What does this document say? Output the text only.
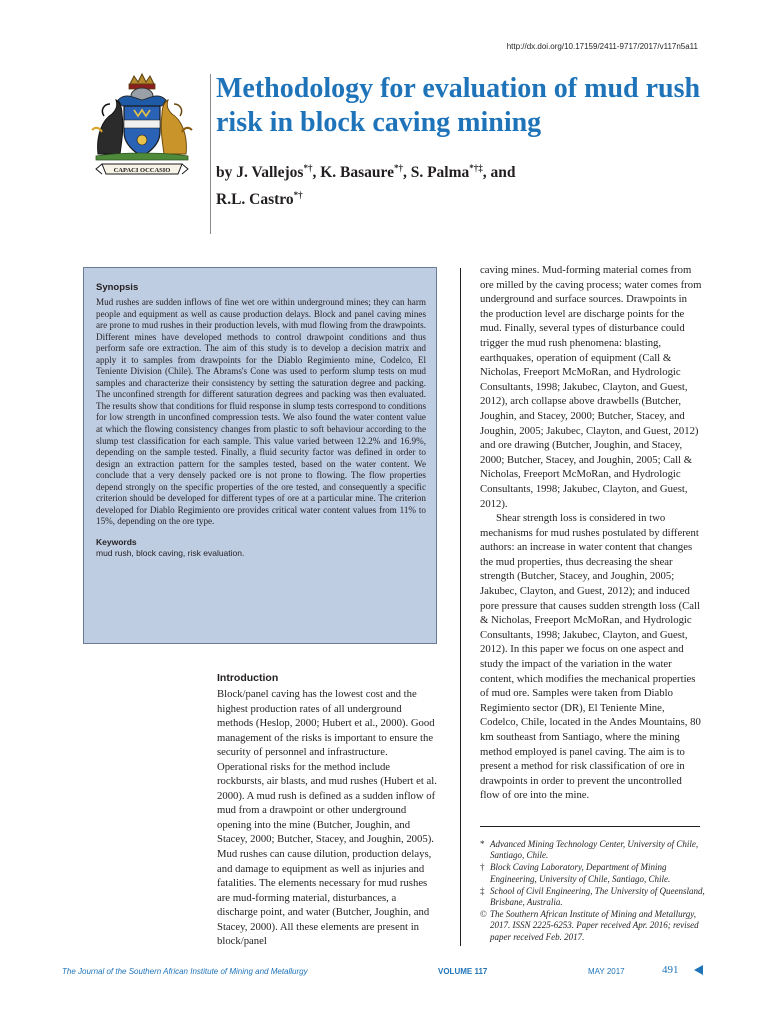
http://dx.doi.org/10.17159/2411-9717/2017/v117n5a11
CAPACI OCCASIO
Methodology for evaluation of mud rush risk in block caving mining
by J. Vallejos*†, K. Basaure*†, S. Palma*†‡, and
R.L. Castro*†
Synopsis

Mud rushes are sudden inflows of fine wet ore within underground mines; they can harm people and equipment as well as cause production delays. Block and panel caving mines are prone to mud rushes in their production levels, with mud flowing from the drawpoints. Different mines have developed methods to control drawpoint conditions and thus perform safe ore extraction. The aim of this study is to develop a decision matrix and apply it to samples from drawpoints for the Diablo Regimiento mine, Codelco, El Teniente Division (Chile). The Abrams's Cone was used to perform slump tests on mud samples and characterize their consistency by setting the saturation degree and packing. The unconfined strength for different saturation degrees and packing was then evaluated. The results show that conditions for fluid response in slump tests correspond to conditions for low strength in unconfined compression tests. We also found the water content value at which the flowing consistency changes from plastic to soft behaviour according to the slump test classification for each sample. This value varied between 12.2% and 16.9%, depending on the sample tested. Finally, a fluid security factor was defined in order to design an extraction pattern for the samples tested, based on the water content. We conclude that a very densely packed ore is not prone to flowing. The flow properties depend strongly on the specific properties of the ore tested, and consequently a specific criterion should be developed for different types of ore at a particular mine. The criterion developed for Diablo Regimiento ore provides critical water content values from 11% to 15%, depending on the ore type.

Keywords

mud rush, block caving, risk evaluation.

Introduction

Block/panel caving has the lowest cost and the highest production rates of all underground methods (Heslop, 2000; Hubert et al., 2000). Good management of the risks is important to ensure the security of personnel and infrastructure. Operational risks for the method include rockbursts, air blasts, and mud rushes (Hubert et al. 2000). A mud rush is defined as a sudden inflow of mud from a drawpoint or other underground opening into the mine (Butcher, Joughin, and Stacey, 2000; Butcher, Stacey, and Joughin, 2005). Mud rushes can cause dilution, production delays, and damage to equipment as well as injuries and fatalities. The elements necessary for mud rushes are mud-forming material, disturbances, a discharge point, and water (Butcher, Joughin, and Stacey, 2000). All these elements are present in block/panel

caving mines. Mud-forming material comes from ore milled by the caving process; water comes from underground and surface sources. Drawpoints in the production level are discharge points for the mud. Finally, several types of disturbance could trigger the mud rush phenomena: blasting, earthquakes, operation of equipment (Call & Nicholas, Freeport McMoRan, and Hydrologic Consultants, 1998; Jakubec, Clayton, and Guest, 2012), arch collapse above drawbells (Butcher, Joughin, and Stacey, 2000; Butcher, Stacey, and Joughin, 2005; Jakubec, Clayton, and Guest, 2012) and ore drawing (Butcher, Joughin, and Stacey, 2000; Butcher, Stacey, and Joughin, 2005; Call & Nicholas, Freeport McMoRan, and Hydrologic Consultants, 1998; Jakubec, Clayton, and Guest, 2012).

Shear strength loss is considered in two mechanisms for mud rushes postulated by different authors: an increase in water content that changes the mud properties, thus decreasing the shear strength (Butcher, Stacey, and Joughin, 2005; Jakubec, Clayton, and Guest, 2012); and induced pore pressure that causes sudden strength loss (Call & Nicholas, Freeport McMoRan, and Hydrologic Consultants, 1998; Jakubec, Clayton, and Guest, 2012). In this paper we focus on one aspect and study the impact of the variation in the water content, which modifies the mechanical properties of mud ore. Samples were taken from Diablo Regimiento sector (DR), El Teniente Mine, Codelco, Chile, located in the Andes Mountains, 80 km southeast from Santiago, where the mining method employed is panel caving. The aim is to present a method for risk classification of ore in drawpoints in order to prevent the uncontrolled flow of ore into the mine.

* Advanced Mining Technology Center, University of Chile, Santiago, Chile.
† Block Caving Laboratory, Department of Mining Engineering, University of Chile, Santiago, Chile.
‡ School of Civil Engineering, The University of Queensland, Brisbane, Australia.
© The Southern African Institute of Mining and Metallurgy, 2017. ISSN 2225-6253. Paper received Apr. 2016; revised paper received Feb. 2017.
The Journal of the Southern African Institute of Mining and Metallurgy	VOLUME 117	MAY 2017	491
